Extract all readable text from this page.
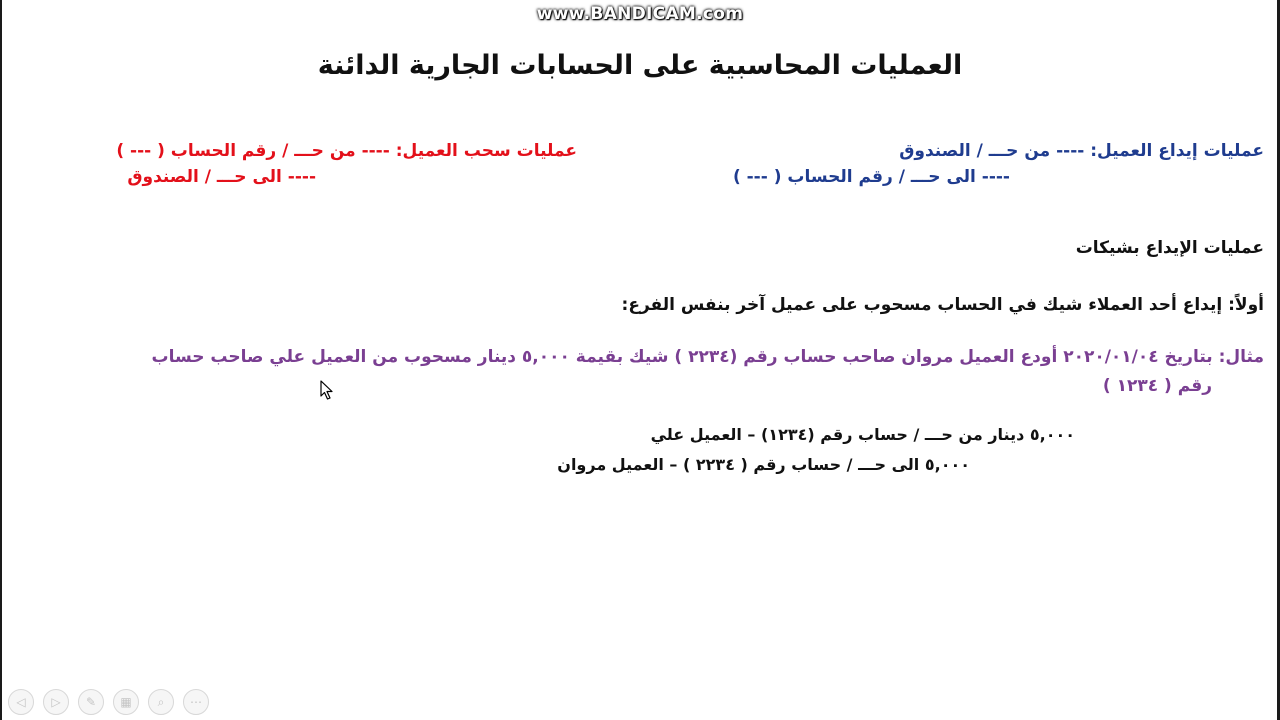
www.BANDICAM.com
العمليات المحاسبية على الحسابات الجارية الدائنة
عمليات إيداع العميل: ---- من حـــ / الصندوق
---- الى حـــ / رقم الحساب ( --- )
عمليات سحب العميل: ---- من حـــ / رقم الحساب ( --- )
---- الى حـــ / الصندوق
عمليات الإيداع بشيكات
أولاً: إيداع أحد العملاء شيك في الحساب مسحوب على عميل آخر بنفس الفرع:
مثال: بتاريخ ٢٠٢٠/٠١/٠٤ أودع العميل مروان صاحب حساب رقم (٢٢٣٤ ) شيك بقيمة ٥,٠٠٠ دينار مسحوب من العميل علي صاحب حساب
رقم ( ١٢٣٤ )
٥,٠٠٠ دينار من حـــ / حساب رقم (١٢٣٤) – العميل علي
٥,٠٠٠ الى حـــ / حساب رقم ( ٢٢٣٤ ) – العميل مروان
◁	▷	✎	▦	⌕	⋯
